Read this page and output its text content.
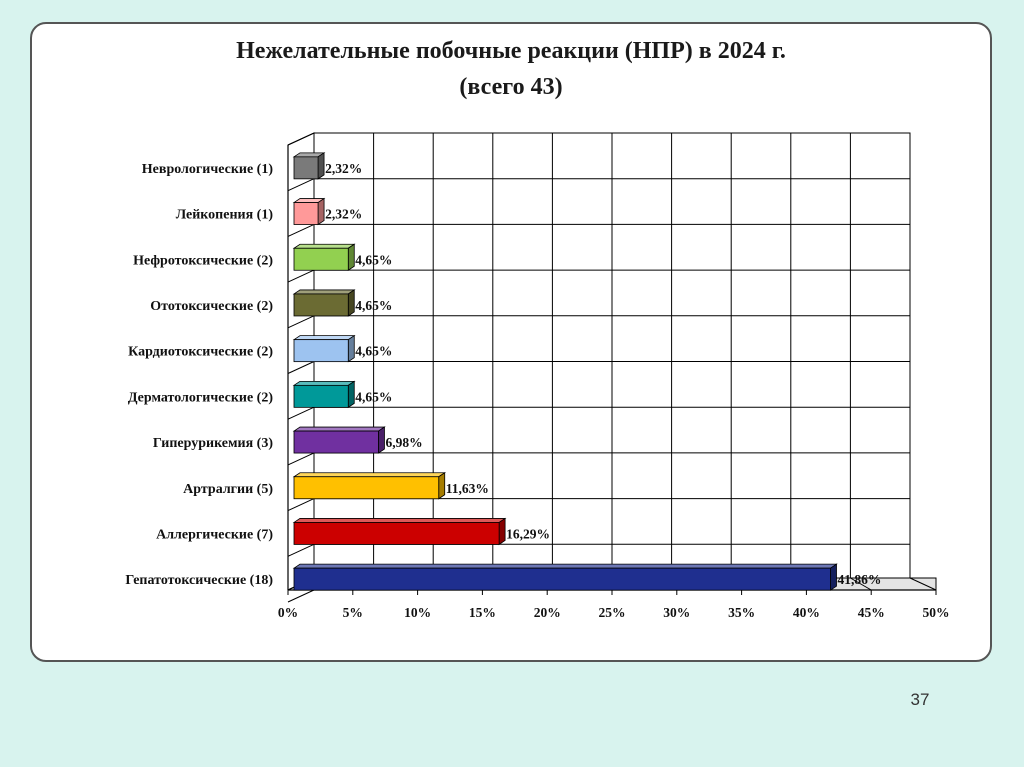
Нежелательные побочные реакции (НПР) в 2024 г.
(всего 43)
0%	5%	10%	15%	20%	25%	30%	35%	40%	45%	50%
Неврологические (1)	2,32%
Лейкопения (1)	2,32%
Нефротоксические (2)	4,65%
Ототоксические (2)	4,65%
Кардиотоксические (2)	4,65%
Дерматологические (2)	4,65%
Гиперурикемия (3)	6,98%
Артралгии (5)	11,63%
Аллергические (7)	16,29%
Гепатотоксические (18)	41,86%
37
